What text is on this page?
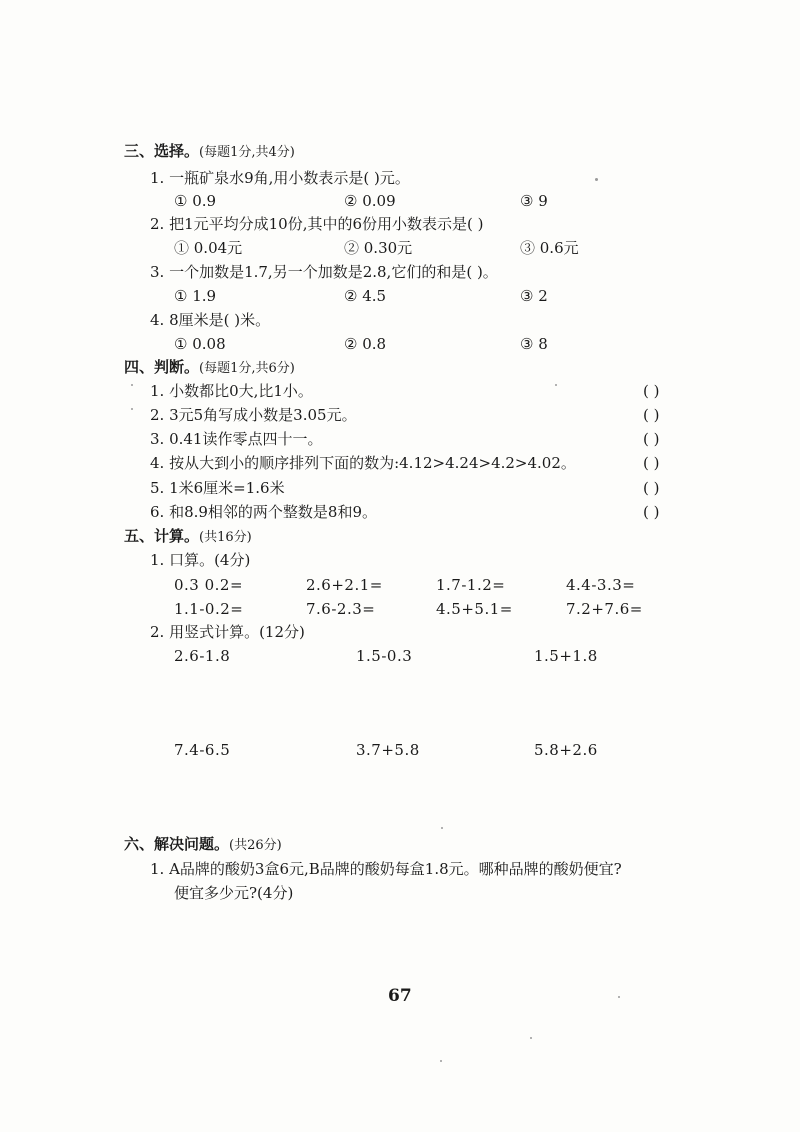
三、选择。(每题1分,共4分)
1. 一瓶矿泉水9角,用小数表示是( )元。
① 0.9	② 0.09	③ 9
2. 把1元平均分成10份,其中的6份用小数表示是( )
① 0.04元	② 0.30元	③ 0.6元
3. 一个加数是1.7,另一个加数是2.8,它们的和是( )。
① 1.9	② 4.5	③ 2
4. 8厘米是( )米。
① 0.08	② 0.8	③ 8
四、判断。(每题1分,共6分)
1. 小数都比0大,比1小。	( )
2. 3元5角写成小数是3.05元。	( )
3. 0.41读作零点四十一。	( )
4. 按从大到小的顺序排列下面的数为:4.12>4.24>4.2>4.02。	( )
5. 1米6厘米=1.6米	( )
6. 和8.9相邻的两个整数是8和9。	( )
五、计算。(共16分)
1. 口算。(4分)
0.3 0.2=	2.6+2.1=	1.7-1.2=	4.4-3.3=
1.1-0.2=	7.6-2.3=	4.5+5.1=	7.2+7.6=
2. 用竖式计算。(12分)
2.6-1.8	1.5-0.3	1.5+1.8
7.4-6.5	3.7+5.8	5.8+2.6
六、解决问题。(共26分)
1. A品牌的酸奶3盒6元,B品牌的酸奶每盒1.8元。哪种品牌的酸奶便宜?
便宜多少元?(4分)
67
